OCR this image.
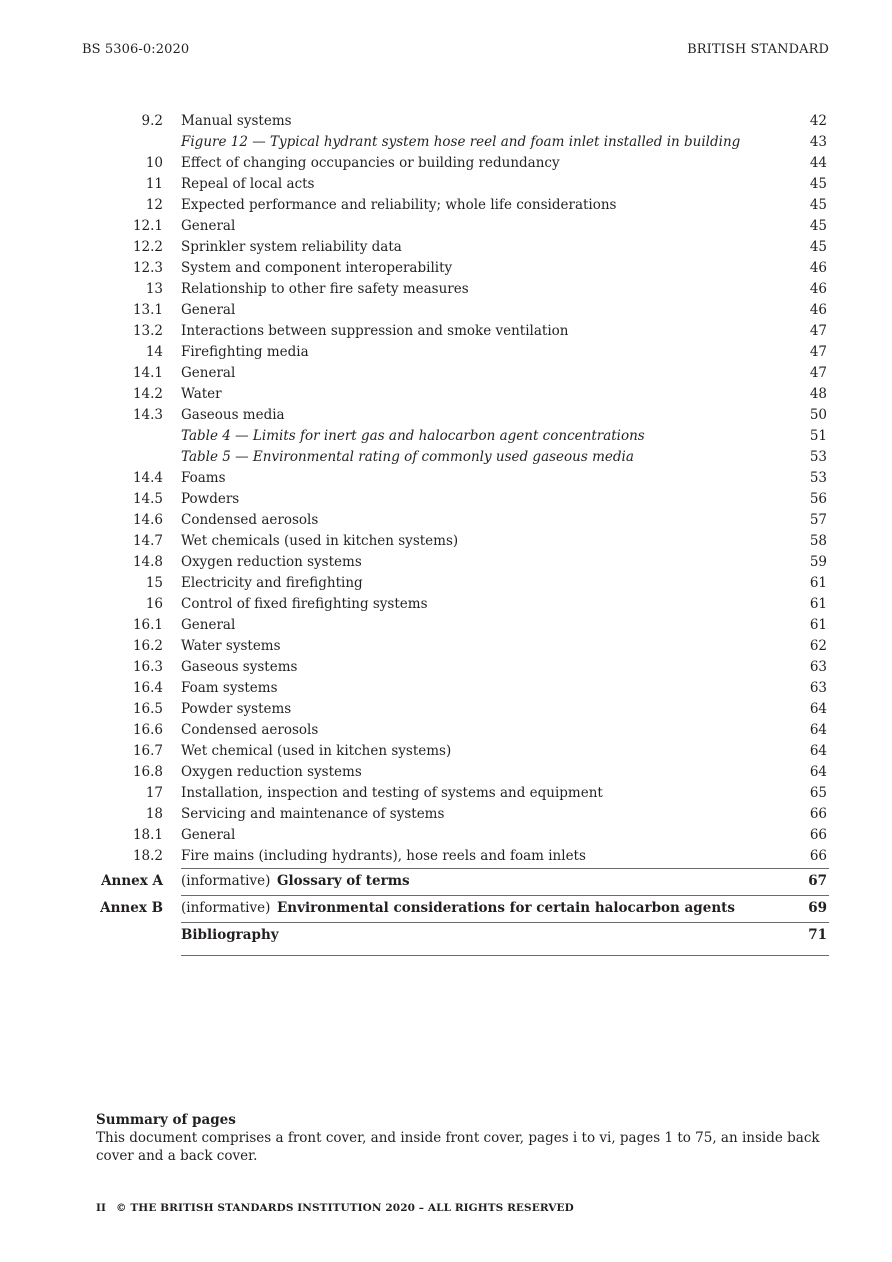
BS 5306-0:2020	BRITISH STANDARD
9.2 Manual systems	42
Figure 12 — Typical hydrant system hose reel and foam inlet installed in building	43
10 Effect of changing occupancies or building redundancy	44
11 Repeal of local acts	45
12 Expected performance and reliability; whole life considerations	45
12.1 General	45
12.2 Sprinkler system reliability data	45
12.3 System and component interoperability	46
13 Relationship to other fire safety measures	46
13.1 General	46
13.2 Interactions between suppression and smoke ventilation	47
14 Firefighting media	47
14.1 General	47
14.2 Water	48
14.3 Gaseous media	50
Table 4 — Limits for inert gas and halocarbon agent concentrations	51
Table 5 — Environmental rating of commonly used gaseous media	53
14.4 Foams	53
14.5 Powders	56
14.6 Condensed aerosols	57
14.7 Wet chemicals (used in kitchen systems)	58
14.8 Oxygen reduction systems	59
15 Electricity and firefighting	61
16 Control of fixed firefighting systems	61
16.1 General	61
16.2 Water systems	62
16.3 Gaseous systems	63
16.4 Foam systems	63
16.5 Powder systems	64
16.6 Condensed aerosols	64
16.7 Wet chemical (used in kitchen systems)	64
16.8 Oxygen reduction systems	64
17 Installation, inspection and testing of systems and equipment	65
18 Servicing and maintenance of systems	66
18.1 General	66
18.2 Fire mains (including hydrants), hose reels and foam inlets	66
Annex A (informative) Glossary of terms	67
Annex B (informative) Environmental considerations for certain halocarbon agents	69
Bibliography	71
Summary of pages
This document comprises a front cover, and inside front cover, pages i to vi, pages 1 to 75, an inside back cover and a back cover.
II © THE BRITISH STANDARDS INSTITUTION 2020 – ALL RIGHTS RESERVED
